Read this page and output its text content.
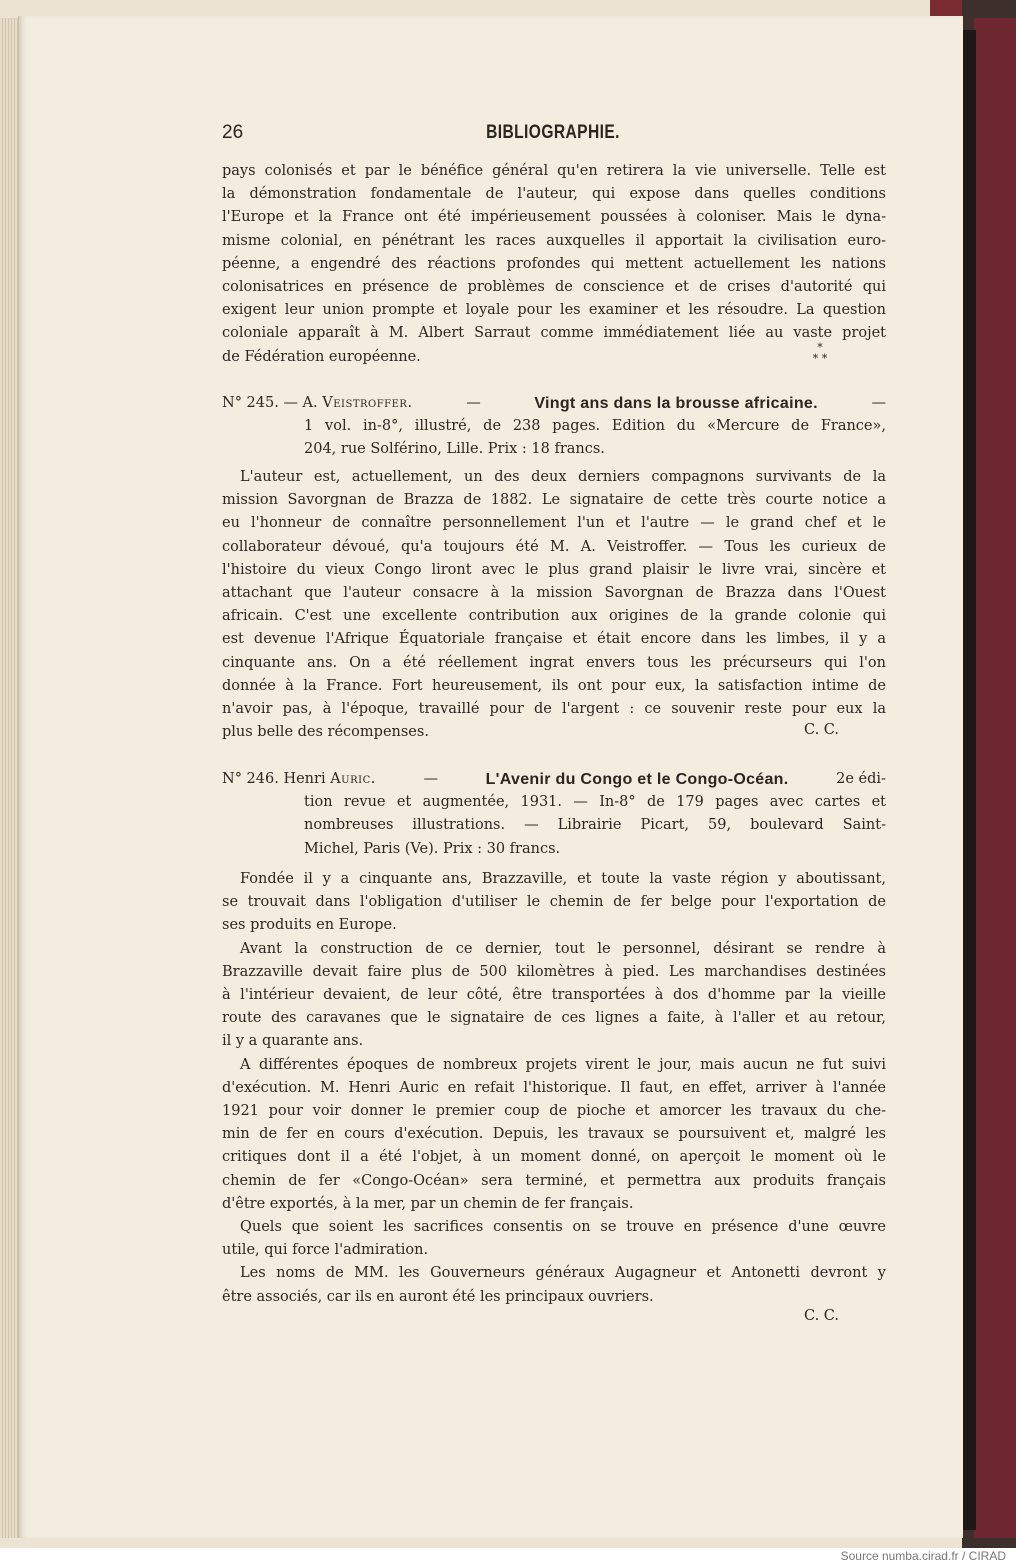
26	BIBLIOGRAPHIE.
pays colonisés et par le bénéfice général qu'en retirera la vie universelle. Telle est
la démonstration fondamentale de l'auteur, qui expose dans quelles conditions
l'Europe et la France ont été impérieusement poussées à coloniser. Mais le dyna-
misme colonial, en pénétrant les races auxquelles il apportait la civilisation euro-
péenne, a engendré des réactions profondes qui mettent actuellement les nations
colonisatrices en présence de problèmes de conscience et de crises d'autorité qui
exigent leur union prompte et loyale pour les examiner et les résoudre. La question
coloniale apparaît à M. Albert Sarraut comme immédiatement liée au vaste projet
de Fédération européenne.
*
* *
N° 245. — A. Veistroffer.	—	Vingt ans dans la brousse africaine.	—
1 vol. in-8°, illustré, de 238 pages. Edition du «Mercure de France»,
204, rue Solférino, Lille. Prix : 18 francs.
L'auteur est, actuellement, un des deux derniers compagnons survivants de la
mission Savorgnan de Brazza de 1882. Le signataire de cette très courte notice a
eu l'honneur de connaître personnellement l'un et l'autre — le grand chef et le
collaborateur dévoué, qu'a toujours été M. A. Veistroffer. — Tous les curieux de
l'histoire du vieux Congo liront avec le plus grand plaisir le livre vrai, sincère et
attachant que l'auteur consacre à la mission Savorgnan de Brazza dans l'Ouest
africain. C'est une excellente contribution aux origines de la grande colonie qui
est devenue l'Afrique Équatoriale française et était encore dans les limbes, il y a
cinquante ans. On a été réellement ingrat envers tous les précurseurs qui l'on
donnée à la France. Fort heureusement, ils ont pour eux, la satisfaction intime de
n'avoir pas, à l'époque, travaillé pour de l'argent : ce souvenir reste pour eux la
plus belle des récompenses.	C. C.
N° 246. Henri Auric.	—	L'Avenir du Congo et le Congo-Océan.	2e édi-
tion revue et augmentée, 1931. — In-8° de 179 pages avec cartes et
nombreuses illustrations. — Librairie Picart, 59, boulevard Saint-
Michel, Paris (Ve). Prix : 30 francs.
Fondée il y a cinquante ans, Brazzaville, et toute la vaste région y aboutissant,
se trouvait dans l'obligation d'utiliser le chemin de fer belge pour l'exportation de
ses produits en Europe.
Avant la construction de ce dernier, tout le personnel, désirant se rendre à
Brazzaville devait faire plus de 500 kilomètres à pied. Les marchandises destinées
à l'intérieur devaient, de leur côté, être transportées à dos d'homme par la vieille
route des caravanes que le signataire de ces lignes a faite, à l'aller et au retour,
il y a quarante ans.
A différentes époques de nombreux projets virent le jour, mais aucun ne fut suivi
d'exécution. M. Henri Auric en refait l'historique. Il faut, en effet, arriver à l'année
1921 pour voir donner le premier coup de pioche et amorcer les travaux du che-
min de fer en cours d'exécution. Depuis, les travaux se poursuivent et, malgré les
critiques dont il a été l'objet, à un moment donné, on aperçoit le moment où le
chemin de fer «Congo-Océan» sera terminé, et permettra aux produits français
d'être exportés, à la mer, par un chemin de fer français.
Quels que soient les sacrifices consentis on se trouve en présence d'une œuvre
utile, qui force l'admiration.
Les noms de MM. les Gouverneurs généraux Augagneur et Antonetti devront y
être associés, car ils en auront été les principaux ouvriers.
C. C.
Source numba.cirad.fr / CIRAD
